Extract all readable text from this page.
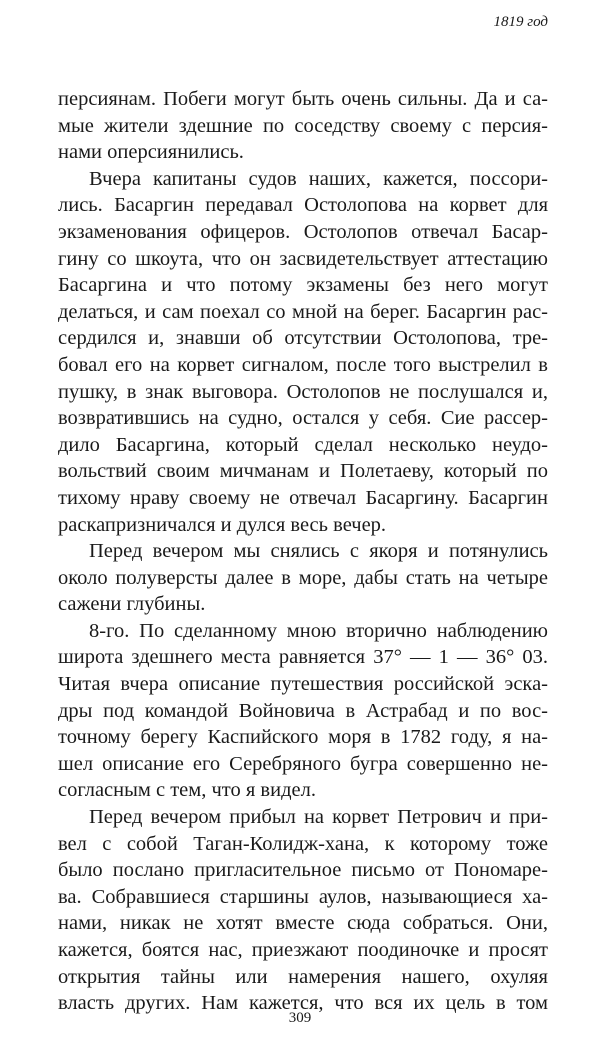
1819 год
персиянам. Побеги могут быть очень сильны. Да и са-
мые жители здешние по соседству своему с персия-
нами оперсиянились.
Вчера капитаны судов наших, кажется, поссори-
лись. Басаргин передавал Остолопова на корвет для
экзаменования офицеров. Остолопов отвечал Басар-
гину со шкоута, что он засвидетельствует аттестацию
Басаргина и что потому экзамены без него могут
делаться, и сам поехал со мной на берег. Басаргин рас-
сердился и, знавши об отсутствии Остолопова, тре-
бовал его на корвет сигналом, после того выстрелил в
пушку, в знак выговора. Остолопов не послушался и,
возвратившись на судно, остался у себя. Сие рассер-
дило Басаргина, который сделал несколько неудо-
вольствий своим мичманам и Полетаеву, который по
тихому нраву своему не отвечал Басаргину. Басаргин
раскапризничался и дулся весь вечер.
Перед вечером мы снялись с якоря и потянулись
около полуверсты далее в море, дабы стать на четыре
сажени глубины.
8-го. По сделанному мною вторично наблюдению
широта здешнего места равняется 37° — 1 — 36° 03.
Читая вчера описание путешествия российской эска-
дры под командой Войновича в Астрабад и по вос-
точному берегу Каспийского моря в 1782 году, я на-
шел описание его Серебряного бугра совершенно не-
согласным с тем, что я видел.
Перед вечером прибыл на корвет Петрович и при-
вел с собой Таган-Колидж-хана, к которому тоже
было послано пригласительное письмо от Пономаре-
ва. Собравшиеся старшины аулов, называющиеся ха-
нами, никак не хотят вместе сюда собраться. Они,
кажется, боятся нас, приезжают поодиночке и просят
открытия тайны или намерения нашего, охуляя
власть других. Нам кажется, что вся их цель в том
309
